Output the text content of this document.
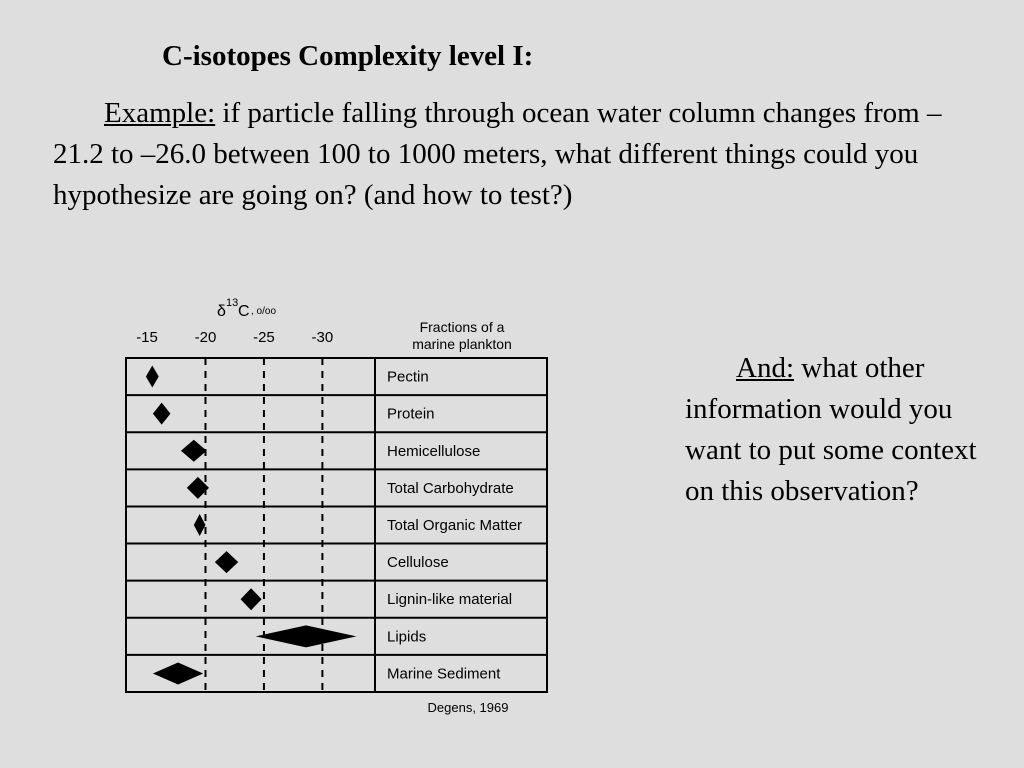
C-isotopes Complexity level I:

Example: if particle falling through ocean water column changes from –21.2 to –26.0 between 100 to 1000 meters, what different things could you hypothesize are going on? (and how to test?)

And: what other information would you want to put some context on this observation?

δ 13 C , o/oo
Fractions of a
marine plankton
-15 -20 -25 -30
Pectin
Protein
Hemicellulose
Total Carbohydrate
Total Organic Matter
Cellulose
Lignin-like material
Lipids
Marine Sediment
Degens, 1969
